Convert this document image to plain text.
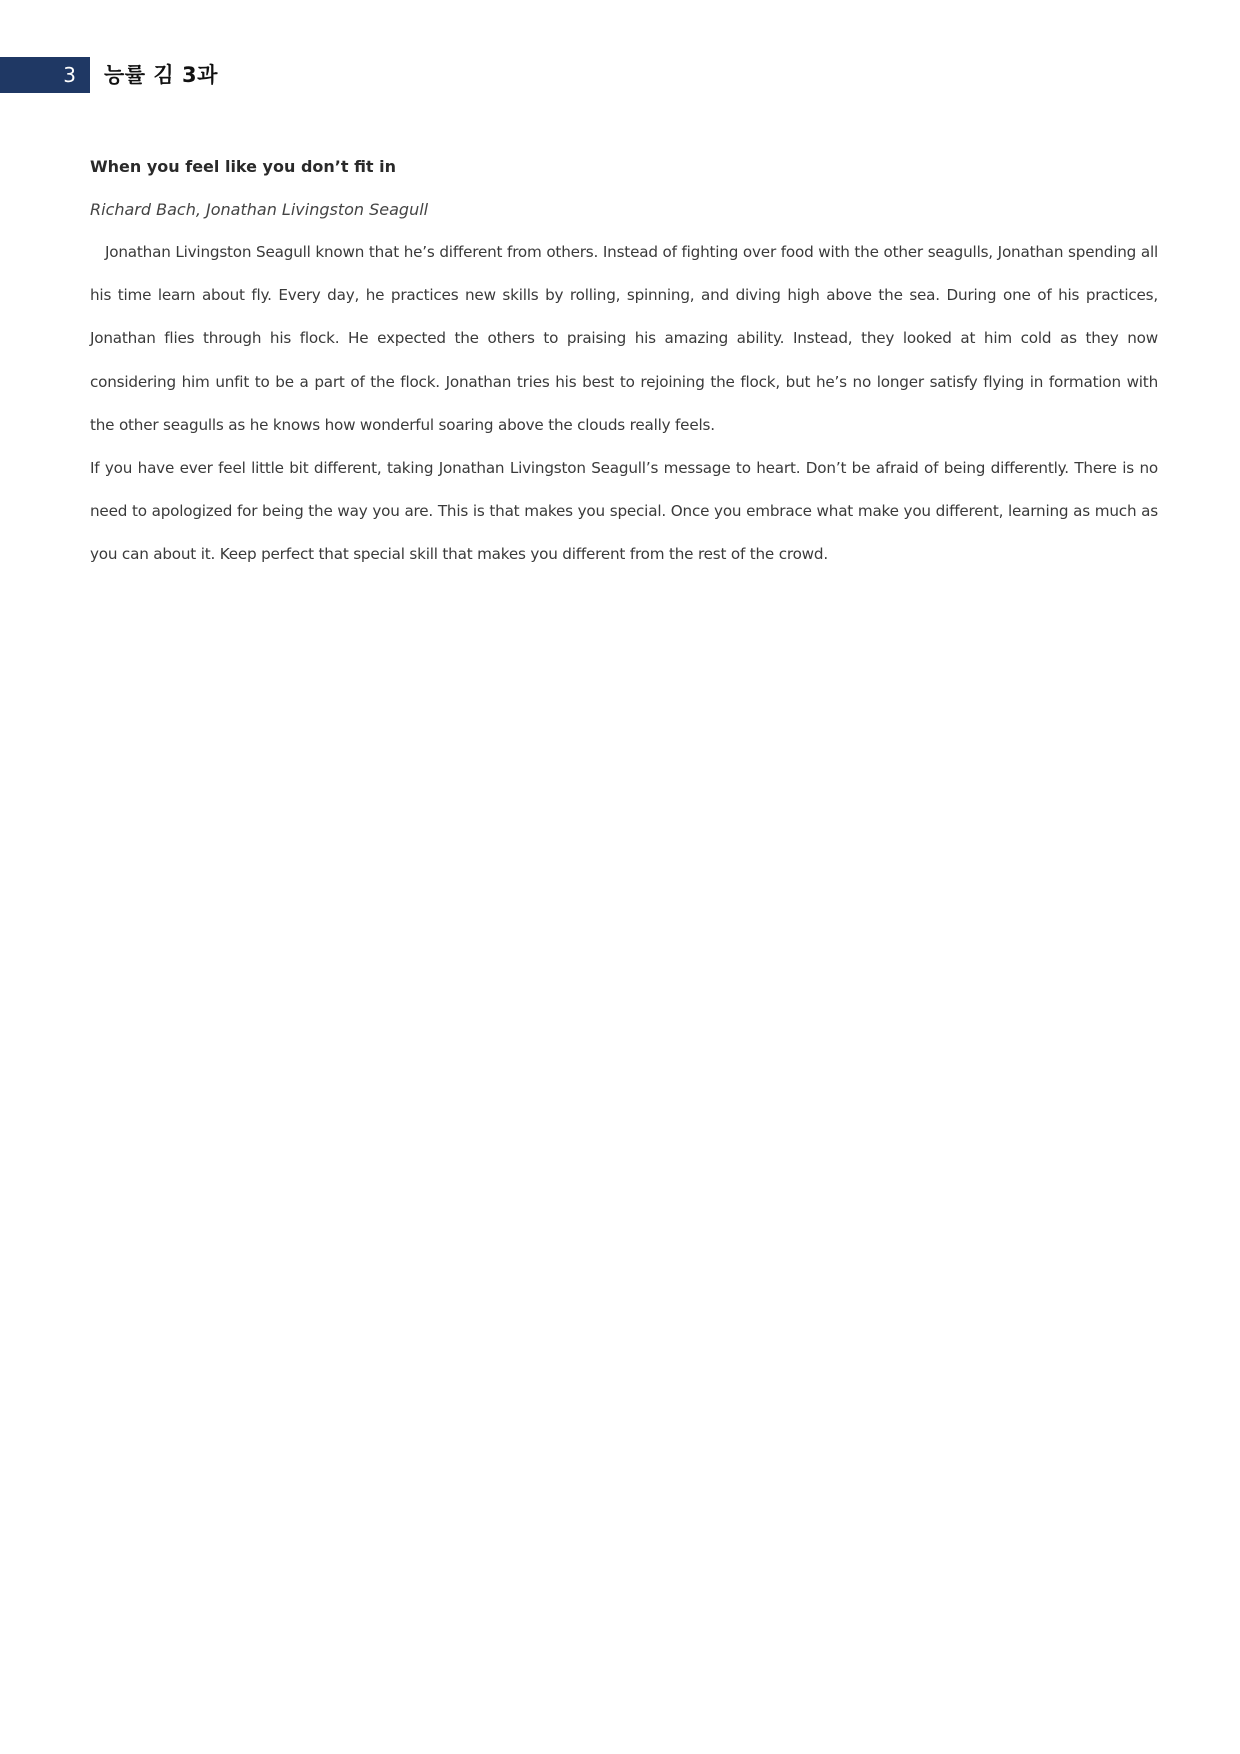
3 능률 김 3과

When you feel like you don’t fit in

Richard Bach, Jonathan Livingston Seagull

Jonathan Livingston Seagull known that he’s different from others. Instead of fighting over food with the other seagulls, Jonathan spending all his time learn about fly. Every day, he practices new skills by rolling, spinning, and diving high above the sea. During one of his practices, Jonathan flies through his flock. He expected the others to praising his amazing ability. Instead, they looked at him cold as they now considering him unfit to be a part of the flock. Jonathan tries his best to rejoining the flock, but he’s no longer satisfy flying in formation with the other seagulls as he knows how wonderful soaring above the clouds really feels.

If you have ever feel little bit different, taking Jonathan Livingston Seagull’s message to heart. Don’t be afraid of being differently. There is no need to apologized for being the way you are. This is that makes you special. Once you embrace what make you different, learning as much as you can about it. Keep perfect that special skill that makes you different from the rest of the crowd.
